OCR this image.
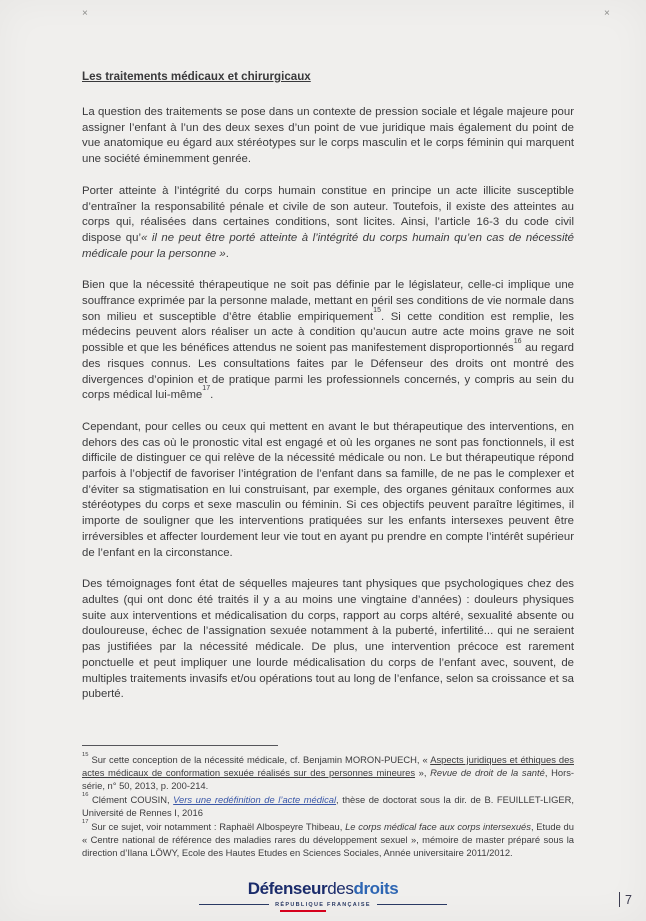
×	×
Les traitements médicaux et chirurgicaux

La question des traitements se pose dans un contexte de pression sociale et légale majeure pour assigner l’enfant à l’un des deux sexes d’un point de vue juridique mais également du point de vue anatomique eu égard aux stéréotypes sur le corps masculin et le corps féminin qui marquent une société éminemment genrée.

Porter atteinte à l’intégrité du corps humain constitue en principe un acte illicite susceptible d’entraîner la responsabilité pénale et civile de son auteur. Toutefois, il existe des atteintes au corps qui, réalisées dans certaines conditions, sont licites. Ainsi, l’article 16-3 du code civil dispose qu’« il ne peut être porté atteinte à l’intégrité du corps humain qu’en cas de nécessité médicale pour la personne ».

Bien que la nécessité thérapeutique ne soit pas définie par le législateur, celle-ci implique une souffrance exprimée par la personne malade, mettant en péril ses conditions de vie normale dans son milieu et susceptible d’être établie empiriquement$^{15}$. Si cette condition est remplie, les médecins peuvent alors réaliser un acte à condition qu’aucun autre acte moins grave ne soit possible et que les bénéfices attendus ne soient pas manifestement disproportionnés$^{16}$ au regard des risques connus. Les consultations faites par le Défenseur des droits ont montré des divergences d’opinion et de pratique parmi les professionnels concernés, y compris au sein du corps médical lui-même$^{17}$.

Cependant, pour celles ou ceux qui mettent en avant le but thérapeutique des interventions, en dehors des cas où le pronostic vital est engagé et où les organes ne sont pas fonctionnels, il est difficile de distinguer ce qui relève de la nécessité médicale ou non. Le but thérapeutique répond parfois à l’objectif de favoriser l’intégration de l’enfant dans sa famille, de ne pas le complexer et d’éviter sa stigmatisation en lui construisant, par exemple, des organes génitaux conformes aux stéréotypes du corps et sexe masculin ou féminin. Si ces objectifs peuvent paraître légitimes, il importe de souligner que les interventions pratiquées sur les enfants intersexes peuvent être irréversibles et affecter lourdement leur vie tout en ayant pu prendre en compte l’intérêt supérieur de l’enfant en la circonstance.

Des témoignages font état de séquelles majeures tant physiques que psychologiques chez des adultes (qui ont donc été traités il y a au moins une vingtaine d’années) : douleurs physiques suite aux interventions et médicalisation du corps, rapport au corps altéré, sexualité absente ou douloureuse, échec de l’assignation sexuée notamment à la puberté, infertilité... qui ne seraient pas justifiées par la nécessité médicale. De plus, une intervention précoce est rarement ponctuelle et peut impliquer une lourde médicalisation du corps de l’enfant avec, souvent, de multiples traitements invasifs et/ou opérations tout au long de l’enfance, selon sa croissance et sa puberté.

$^{15}$ Sur cette conception de la nécessité médicale, cf. Benjamin MORON-PUECH, « Aspects juridiques et éthiques des actes médicaux de conformation sexuée réalisés sur des personnes mineures », Revue de droit de la santé, Hors-série, n° 50, 2013, p. 200-214.

$^{16}$ Clément COUSIN, Vers une redéfinition de l’acte médical, thèse de doctorat sous la dir. de B. FEUILLET-LIGER, Université de Rennes I, 2016

$^{17}$ Sur ce sujet, voir notamment : Raphaël Albospeyre Thibeau, Le corps médical face aux corps intersexués, Etude du « Centre national de référence des maladies rares du développement sexuel », mémoire de master préparé sous la direction d’Ilana LÖWY, Ecole des Hautes Etudes en Sciences Sociales, Année universitaire 2011/2012.

Défenseurdesdroits
RÉPUBLIQUE FRANÇAISE	7
